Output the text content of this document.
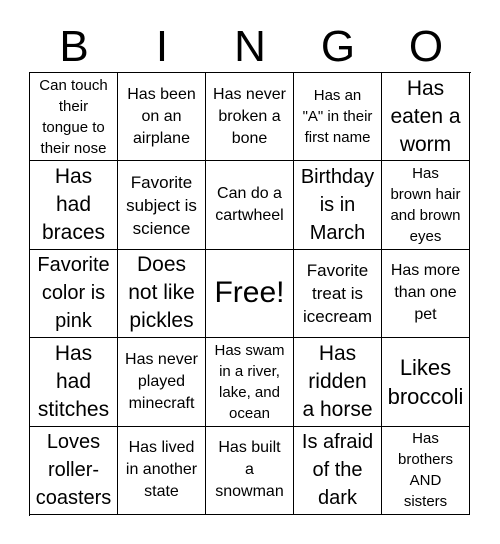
B	I	N	G	O
Can touch
their
tongue to
their nose
Has been
on an
airplane
Has never
broken a
bone
Has an
"A" in their
first name
Has
eaten a
worm
Has
had
braces
Favorite
subject is
science
Can do a
cartwheel
Birthday
is in
March
Has
brown hair
and brown
eyes
Favorite
color is
pink
Does
not like
pickles
Free!
Favorite
treat is
icecream
Has more
than one
pet
Has
had
stitches
Has never
played
minecraft
Has swam
in a river,
lake, and
ocean
Has
ridden
a horse
Likes
broccoli
Loves
roller-
coasters
Has lived
in another
state
Has built
a
snowman
Is afraid
of the
dark
Has
brothers
AND
sisters
